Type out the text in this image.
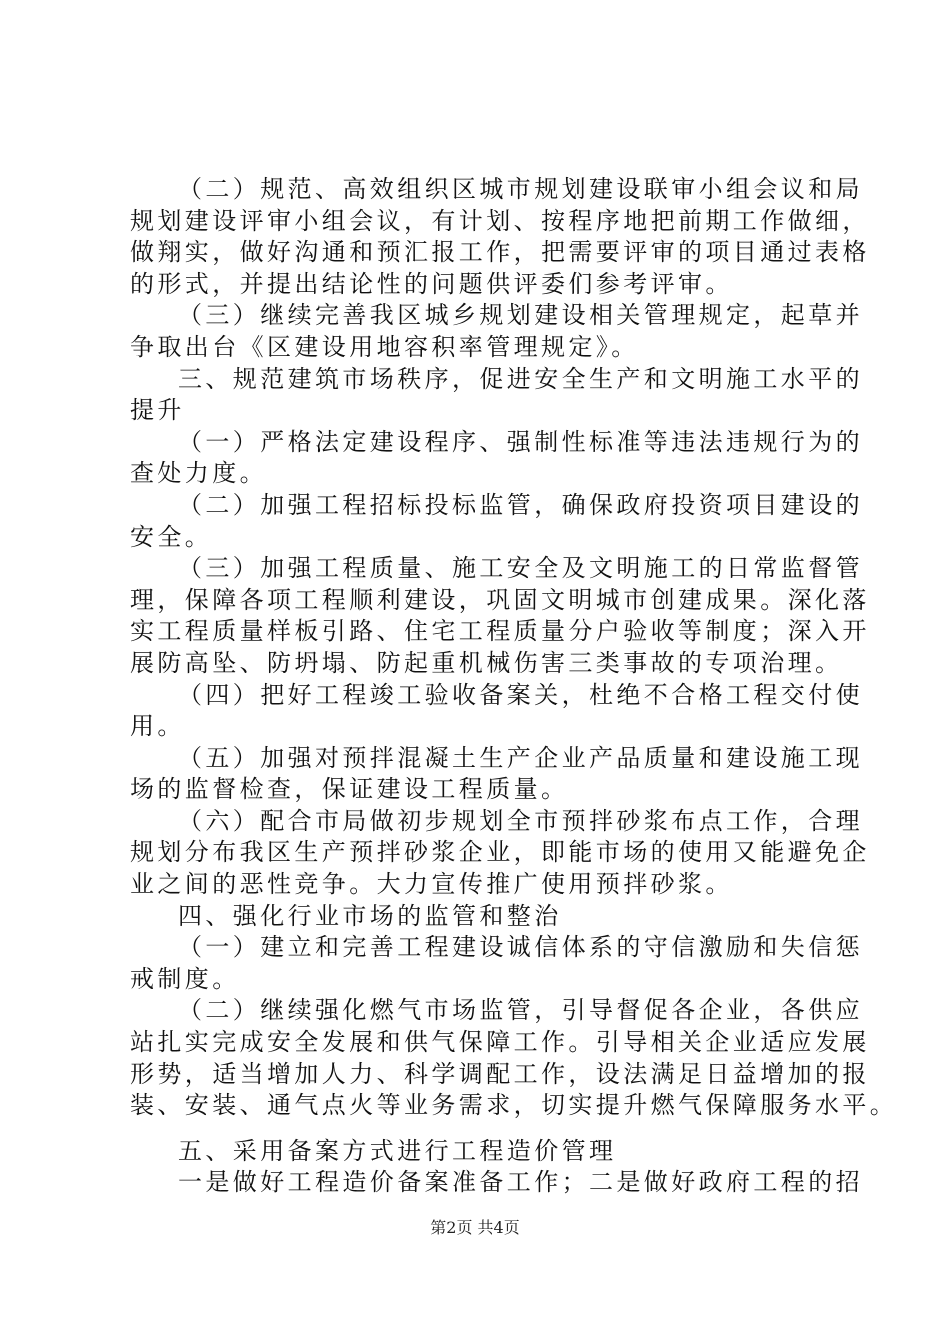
（二）规范、高效组织区城市规划建设联审小组会议和局
规划建设评审小组会议，有计划、按程序地把前期工作做细，
做翔实，做好沟通和预汇报工作，把需要评审的项目通过表格
的形式，并提出结论性的问题供评委们参考评审。
（三）继续完善我区城乡规划建设相关管理规定，起草并
争取出台《区建设用地容积率管理规定》。
三、规范建筑市场秩序，促进安全生产和文明施工水平的
提升
（一）严格法定建设程序、强制性标准等违法违规行为的
查处力度。
（二）加强工程招标投标监管，确保政府投资项目建设的
安全。
（三）加强工程质量、施工安全及文明施工的日常监督管
理，保障各项工程顺利建设，巩固文明城市创建成果。深化落
实工程质量样板引路、住宅工程质量分户验收等制度；深入开
展防高坠、防坍塌、防起重机械伤害三类事故的专项治理。
（四）把好工程竣工验收备案关，杜绝不合格工程交付使
用。
（五）加强对预拌混凝土生产企业产品质量和建设施工现
场的监督检查，保证建设工程质量。
（六）配合市局做初步规划全市预拌砂浆布点工作，合理
规划分布我区生产预拌砂浆企业，即能市场的使用又能避免企
业之间的恶性竞争。大力宣传推广使用预拌砂浆。
四、强化行业市场的监管和整治
（一）建立和完善工程建设诚信体系的守信激励和失信惩
戒制度。
（二）继续强化燃气市场监管，引导督促各企业，各供应
站扎实完成安全发展和供气保障工作。引导相关企业适应发展
形势，适当增加人力、科学调配工作，设法满足日益增加的报
装、安装、通气点火等业务需求，切实提升燃气保障服务水平。
五、采用备案方式进行工程造价管理
一是做好工程造价备案准备工作；二是做好政府工程的招
第2页 共4页
